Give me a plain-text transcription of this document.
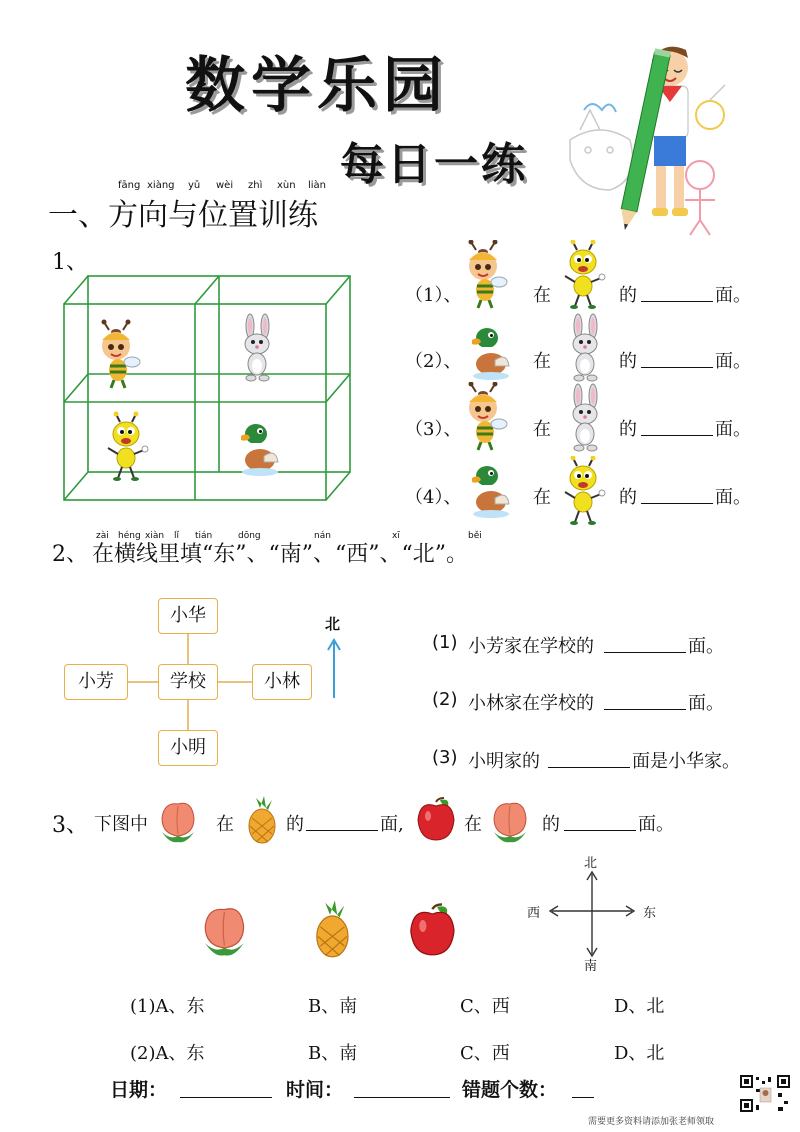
数学乐园
每日一练
一、方向与位置训练
fāng xiàng yǔ wèi zhì xùn liàn
1、
（1）、	在	的	面。
（2）、	在	的	面。
（3）、	在	的	面。
（4）、	在	的	面。
2、 在横线里填“东”、“南”、“西”、“北”。
zài héng xiàn lǐ tián	dōng	nán	xī	běi
小华
小芳	学校	小林
小明
北
(1) 小芳家在学校的	面。
(2) 小林家在学校的	面。
(3) 小明家的	面是小华家。
3、 下图中	在	的	面,	在	的	面。
北
南
西	东
(1)A、东	B、南	C、西	D、北
(2)A、东	B、南	C、西	D、北
日期：	时间：	错题个数：
需要更多资料请添加张老师领取
